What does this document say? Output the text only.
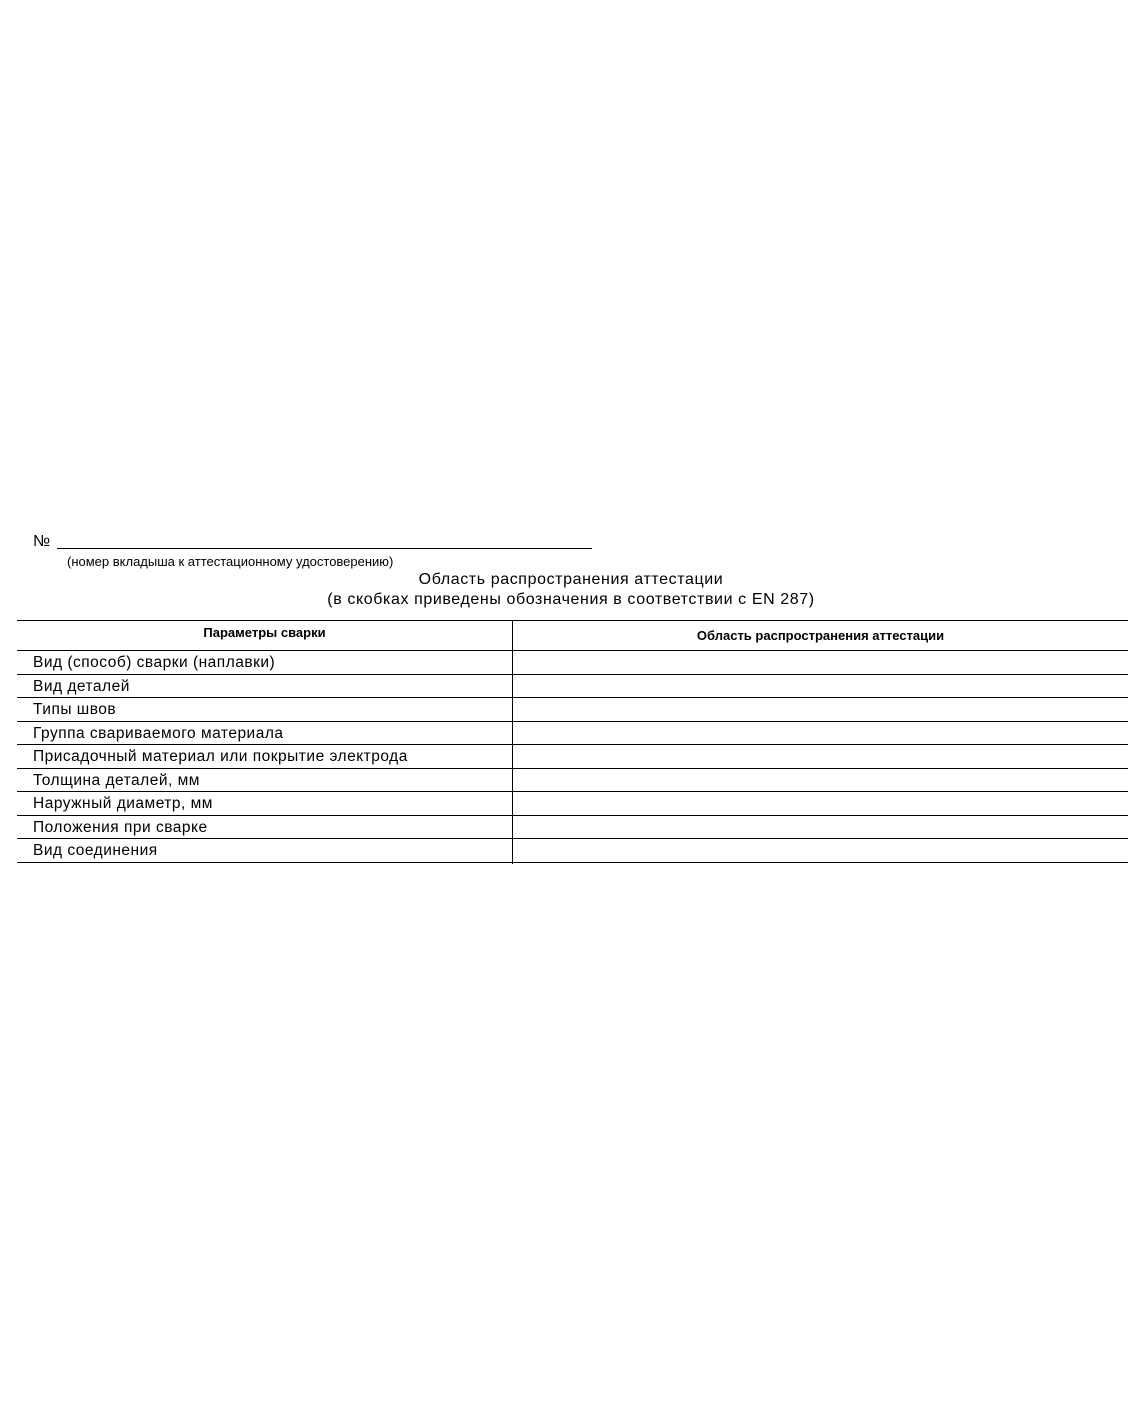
№
(номер вкладыша к аттестационному удостоверению)
Область распространения аттестации
(в скобках приведены обозначения в соответствии с EN 287)
Параметры сварки	Область распространения аттестации
Вид (способ) сварки (наплавки)
Вид деталей
Типы швов
Группа свариваемого материала
Присадочный материал или покрытие электрода
Толщина деталей, мм
Наружный диаметр, мм
Положения при сварке
Вид соединения
